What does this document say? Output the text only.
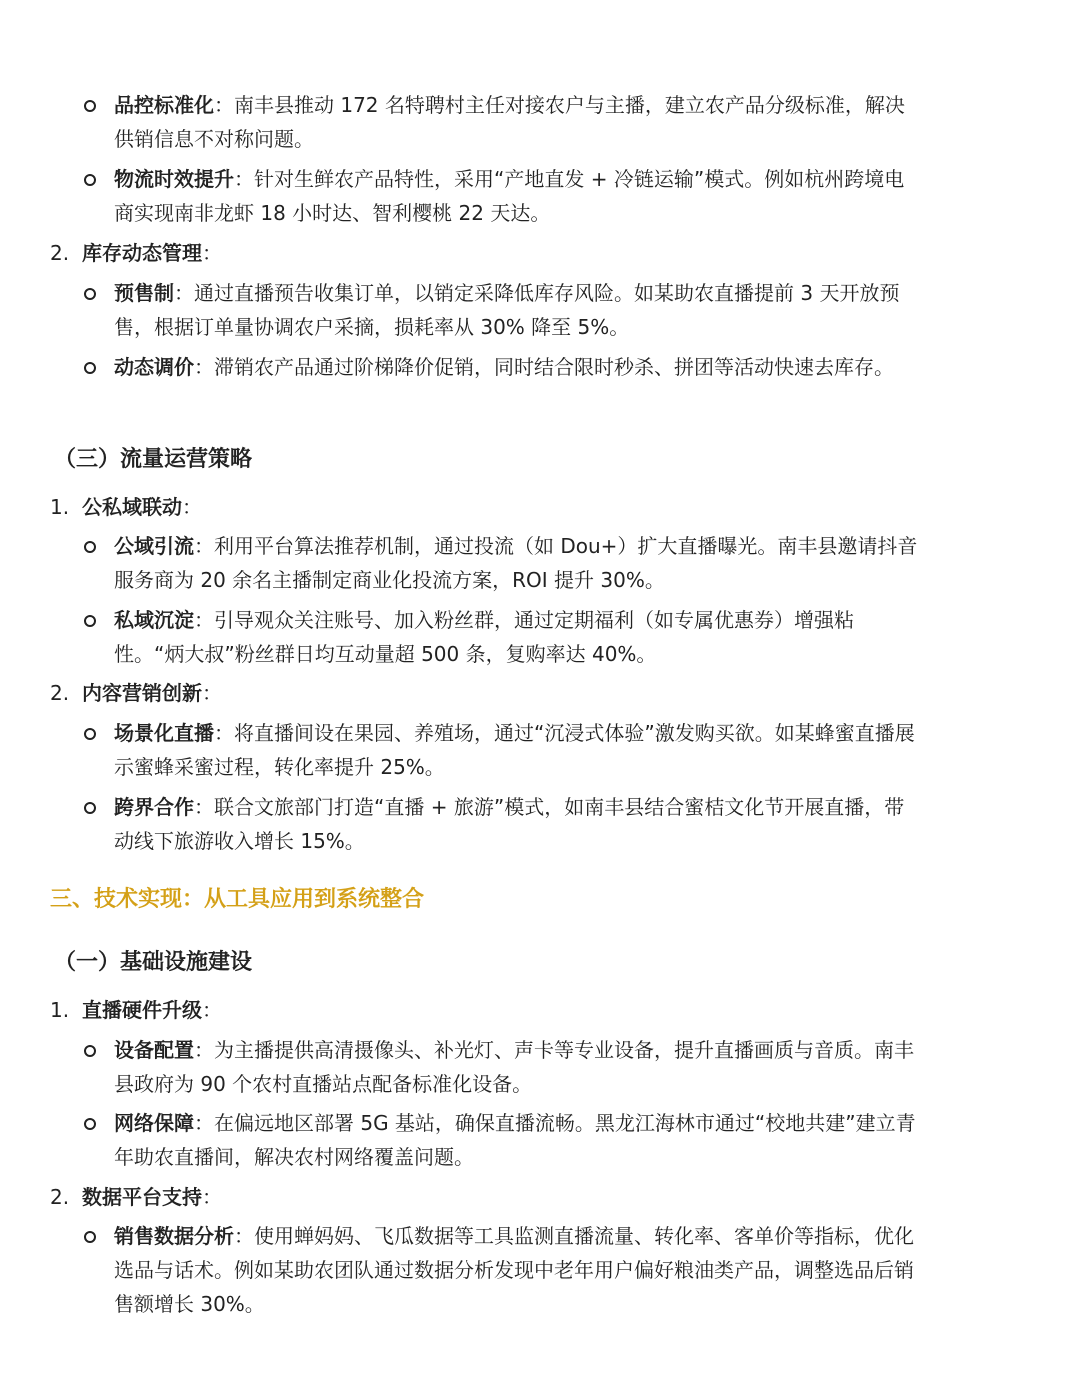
品控标准化：南丰县推动 172 名特聘村主任对接农户与主播，建立农产品分级标准，解决供销信息不对称问题。
物流时效提升：针对生鲜农产品特性，采用“产地直发 + 冷链运输”模式。例如杭州跨境电商实现南非龙虾 18 小时达、智利樱桃 22 天达。
2. 库存动态管理：
预售制：通过直播预告收集订单，以销定采降低库存风险。如某助农直播提前 3 天开放预售，根据订单量协调农户采摘，损耗率从 30% 降至 5%。
动态调价：滞销农产品通过阶梯降价促销，同时结合限时秒杀、拼团等活动快速去库存。
（三）流量运营策略
1. 公私域联动：
公域引流：利用平台算法推荐机制，通过投流（如 Dou+）扩大直播曝光。南丰县邀请抖音服务商为 20 余名主播制定商业化投流方案，ROI 提升 30%。
私域沉淀：引导观众关注账号、加入粉丝群，通过定期福利（如专属优惠券）增强粘性。“炳大叔”粉丝群日均互动量超 500 条，复购率达 40%。
2. 内容营销创新：
场景化直播：将直播间设在果园、养殖场，通过“沉浸式体验”激发购买欲。如某蜂蜜直播展示蜜蜂采蜜过程，转化率提升 25%。
跨界合作：联合文旅部门打造“直播 + 旅游”模式，如南丰县结合蜜桔文化节开展直播，带动线下旅游收入增长 15%。
三、技术实现：从工具应用到系统整合
（一）基础设施建设
1. 直播硬件升级：
设备配置：为主播提供高清摄像头、补光灯、声卡等专业设备，提升直播画质与音质。南丰县政府为 90 个农村直播站点配备标准化设备。
网络保障：在偏远地区部署 5G 基站，确保直播流畅。黑龙江海林市通过“校地共建”建立青年助农直播间，解决农村网络覆盖问题。
2. 数据平台支持：
销售数据分析：使用蝉妈妈、飞瓜数据等工具监测直播流量、转化率、客单价等指标，优化选品与话术。例如某助农团队通过数据分析发现中老年用户偏好粮油类产品，调整选品后销售额增长 30%。
